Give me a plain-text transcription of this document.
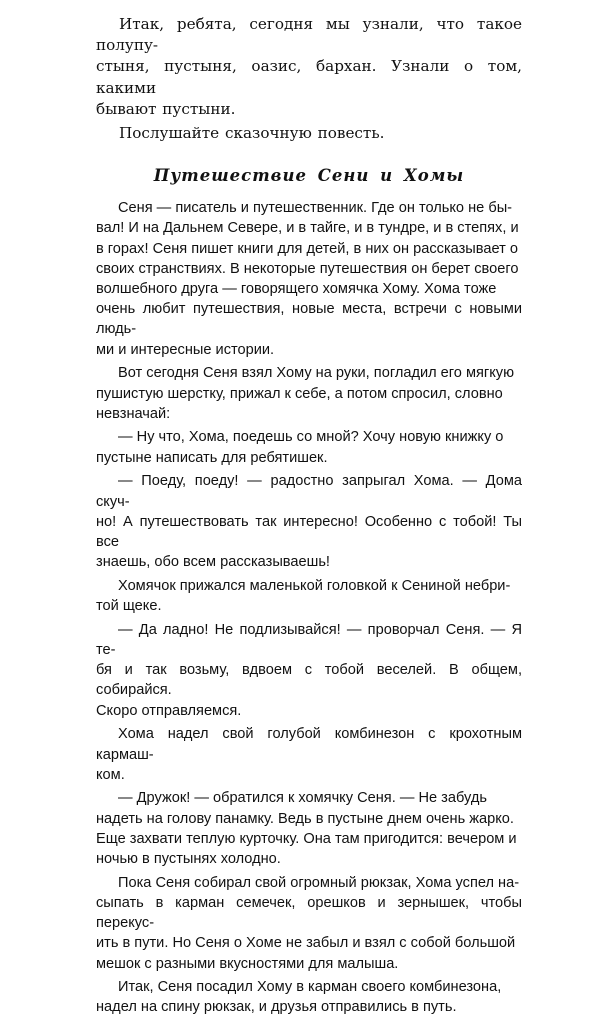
Итак, ребята, сегодня мы узнали, что такое полупу-
стыня, пустыня, оазис, бархан. Узнали о том, какими
бывают пустыни.

Послушайте сказочную повесть.

Путешествие Сени и Хомы

Сеня — писатель и путешественник. Где он только не бы-
вал! И на Дальнем Севере, и в тайге, и в тундре, и в степях, и
в горах! Сеня пишет книги для детей, в них он рассказывает о
своих странствиях. В некоторые путешествия он берет своего
волшебного друга — говорящего хомячка Хому. Хома тоже
очень любит путешествия, новые места, встречи с новыми людь-
ми и интересные истории.

Вот сегодня Сеня взял Хому на руки, погладил его мягкую
пушистую шерстку, прижал к себе, а потом спросил, словно
невзначай:

— Ну что, Хома, поедешь со мной? Хочу новую книжку о
пустыне написать для ребятишек.

— Поеду, поеду! — радостно запрыгал Хома. — Дома скуч-
но! А путешествовать так интересно! Особенно с тобой! Ты все
знаешь, обо всем рассказываешь!

Хомячок прижался маленькой головкой к Сениной небри-
той щеке.

— Да ладно! Не подлизывайся! — проворчал Сеня. — Я те-
бя и так возьму, вдвоем с тобой веселей. В общем, собирайся.
Скоро отправляемся.

Хома надел свой голубой комбинезон с крохотным кармаш-
ком.

— Дружок! — обратился к хомячку Сеня. — Не забудь
надеть на голову панамку. Ведь в пустыне днем очень жарко.
Еще захвати теплую курточку. Она там пригодится: вечером и
ночью в пустынях холодно.

Пока Сеня собирал свой огромный рюкзак, Хома успел на-
сыпать в карман семечек, орешков и зернышек, чтобы перекус-
ить в пути. Но Сеня о Хоме не забыл и взял с собой большой
мешок с разными вкусностями для малыша.

Итак, Сеня посадил Хому в карман своего комбинезона,
надел на спину рюкзак, и друзья отправились в путь.
